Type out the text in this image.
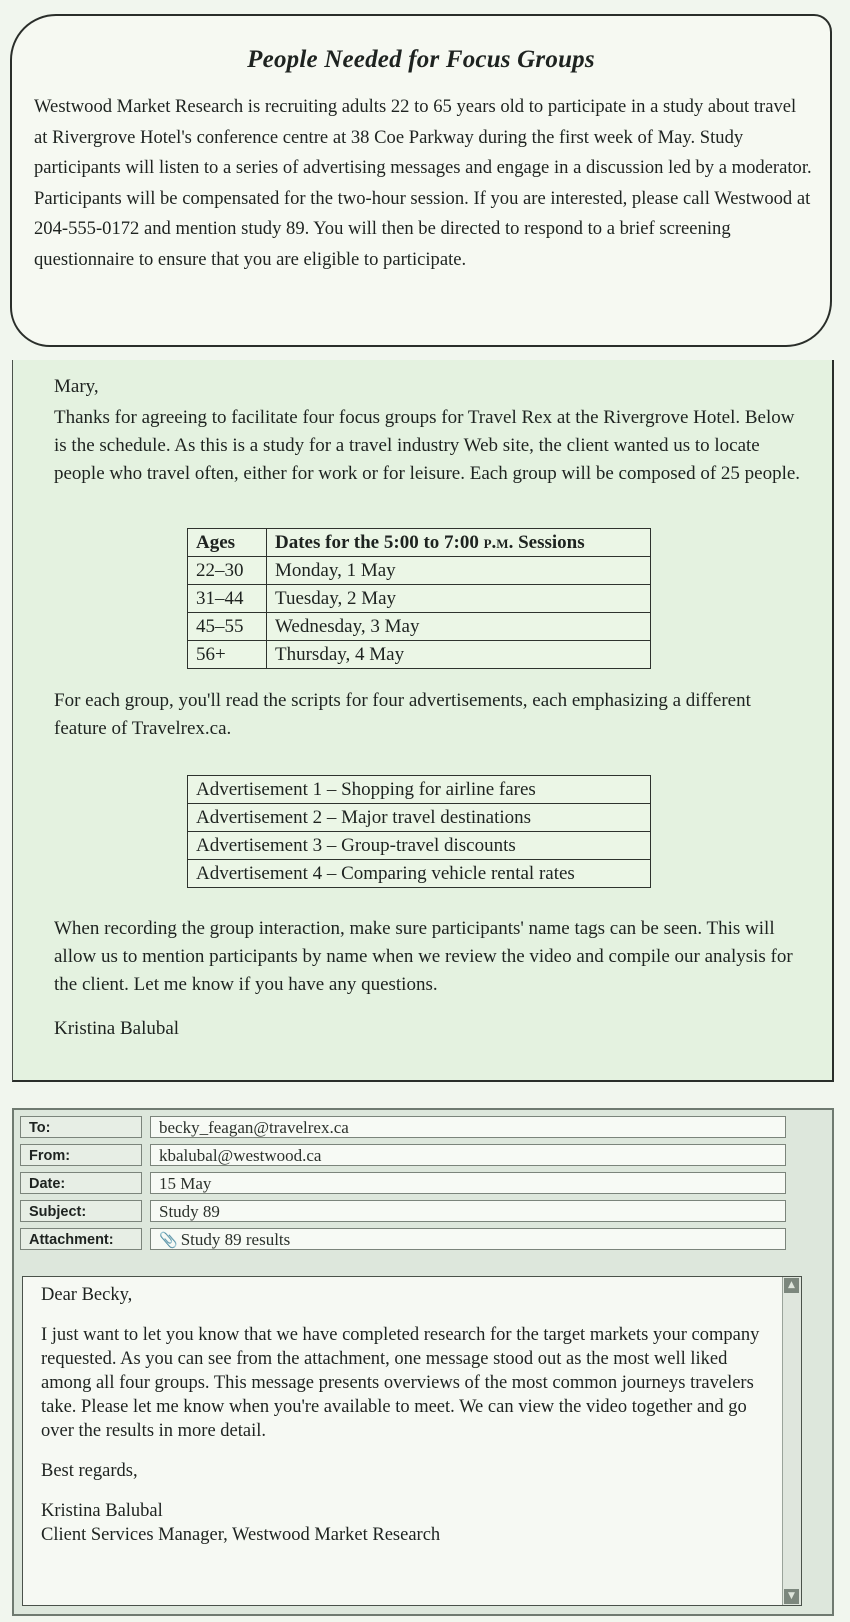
People Needed for Focus Groups

Westwood Market Research is recruiting adults 22 to 65 years old to participate in a study about travel at Rivergrove Hotel's conference centre at 38 Coe Parkway during the first week of May. Study participants will listen to a series of advertising messages and engage in a discussion led by a moderator. Participants will be compensated for the two-hour session. If you are interested, please call Westwood at 204-555-0172 and mention study 89. You will then be directed to respond to a brief screening questionnaire to ensure that you are eligible to participate.

Mary,

Thanks for agreeing to facilitate four focus groups for Travel Rex at the Rivergrove Hotel. Below is the schedule. As this is a study for a travel industry Web site, the client wanted us to locate people who travel often, either for work or for leisure. Each group will be composed of 25 people.

Ages	Dates for the 5:00 to 7:00 p.m. Sessions
22–30	Monday, 1 May
31–44	Tuesday, 2 May
45–55	Wednesday, 3 May
56+	Thursday, 4 May

For each group, you'll read the scripts for four advertisements, each emphasizing a different feature of Travelrex.ca.

Advertisement 1 – Shopping for airline fares
Advertisement 2 – Major travel destinations
Advertisement 3 – Group-travel discounts
Advertisement 4 – Comparing vehicle rental rates

When recording the group interaction, make sure participants' name tags can be seen. This will allow us to mention participants by name when we review the video and compile our analysis for the client. Let me know if you have any questions.

Kristina Balubal
To:	becky_feagan@travelrex.ca
From:	kbalubal@westwood.ca
Date:	15 May
Subject:	Study 89
Attachment:	📎 Study 89 results

Dear Becky,

I just want to let you know that we have completed research for the target markets your company requested. As you can see from the attachment, one message stood out as the most well liked among all four groups. This message presents overviews of the most common journeys travelers take. Please let me know when you're available to meet. We can view the video together and go over the results in more detail.

Best regards,

Kristina Balubal

Client Services Manager, Westwood Market Research

▲
▼
